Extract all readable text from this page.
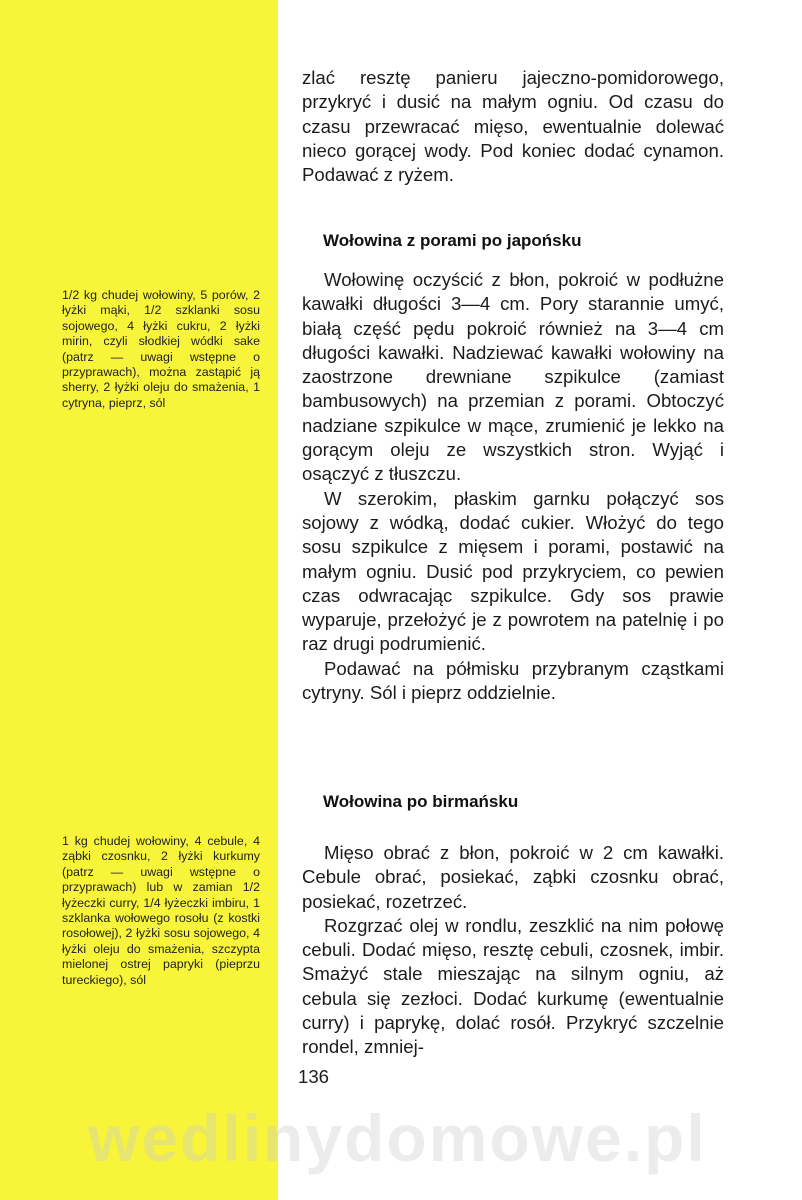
1/2 kg chudej wołowiny, 5 porów, 2 łyżki mąki, 1/2 szklanki sosu sojowego, 4 łyżki cukru, 2 łyżki mirin, czyli słodkiej wódki sake (patrz — uwagi wstępne o przyprawach), można zastąpić ją sherry, 2 łyżki oleju do smażenia, 1 cytryna, pieprz, sól
1 kg chudej wołowiny, 4 cebule, 4 ząbki czosnku, 2 łyżki kurkumy (patrz — uwagi wstępne o przyprawach) lub w zamian 1/2 łyżeczki curry, 1/4 łyżeczki imbiru, 1 szklanka wołowego rosołu (z kostki rosołowej), 2 łyżki sosu sojowego, 4 łyżki oleju do smażenia, szczypta mielonej ostrej papryki (pieprzu tureckiego), sól

zlać resztę panieru jajeczno-pomidorowego, przykryć i dusić na małym ogniu. Od czasu do czasu przewracać mięso, ewentualnie dolewać nieco gorącej wody. Pod koniec dodać cynamon. Podawać z ryżem.

Wołowina z porami po japońsku

Wołowinę oczyścić z błon, pokroić w podłużne kawałki długości 3—4 cm. Pory starannie umyć, białą część pędu pokroić również na 3—4 cm długości kawałki. Nadziewać kawałki wołowiny na zaostrzone drewniane szpikulce (zamiast bambusowych) na przemian z porami. Obtoczyć nadziane szpikulce w mące, zrumienić je lekko na gorącym oleju ze wszystkich stron. Wyjąć i osączyć z tłuszczu.

W szerokim, płaskim garnku połączyć sos sojowy z wódką, dodać cukier. Włożyć do tego sosu szpikulce z mięsem i porami, postawić na małym ogniu. Dusić pod przykryciem, co pewien czas odwracając szpikulce. Gdy sos prawie wyparuje, przełożyć je z powrotem na patelnię i po raz drugi podrumienić.

Podawać na półmisku przybranym cząstkami cytryny. Sól i pieprz oddzielnie.

Wołowina po birmańsku

Mięso obrać z błon, pokroić w 2 cm kawałki. Cebule obrać, posiekać, ząbki czosnku obrać, posiekać, rozetrzeć.

Rozgrzać olej w rondlu, zeszklić na nim połowę cebuli. Dodać mięso, resztę cebuli, czosnek, imbir. Smażyć stale mieszając na silnym ogniu, aż cebula się zezłoci. Dodać kurkumę (ewentualnie curry) i paprykę, dolać rosół. Przykryć szczelnie rondel, zmniej-

136
wedlinydomowe.pl
